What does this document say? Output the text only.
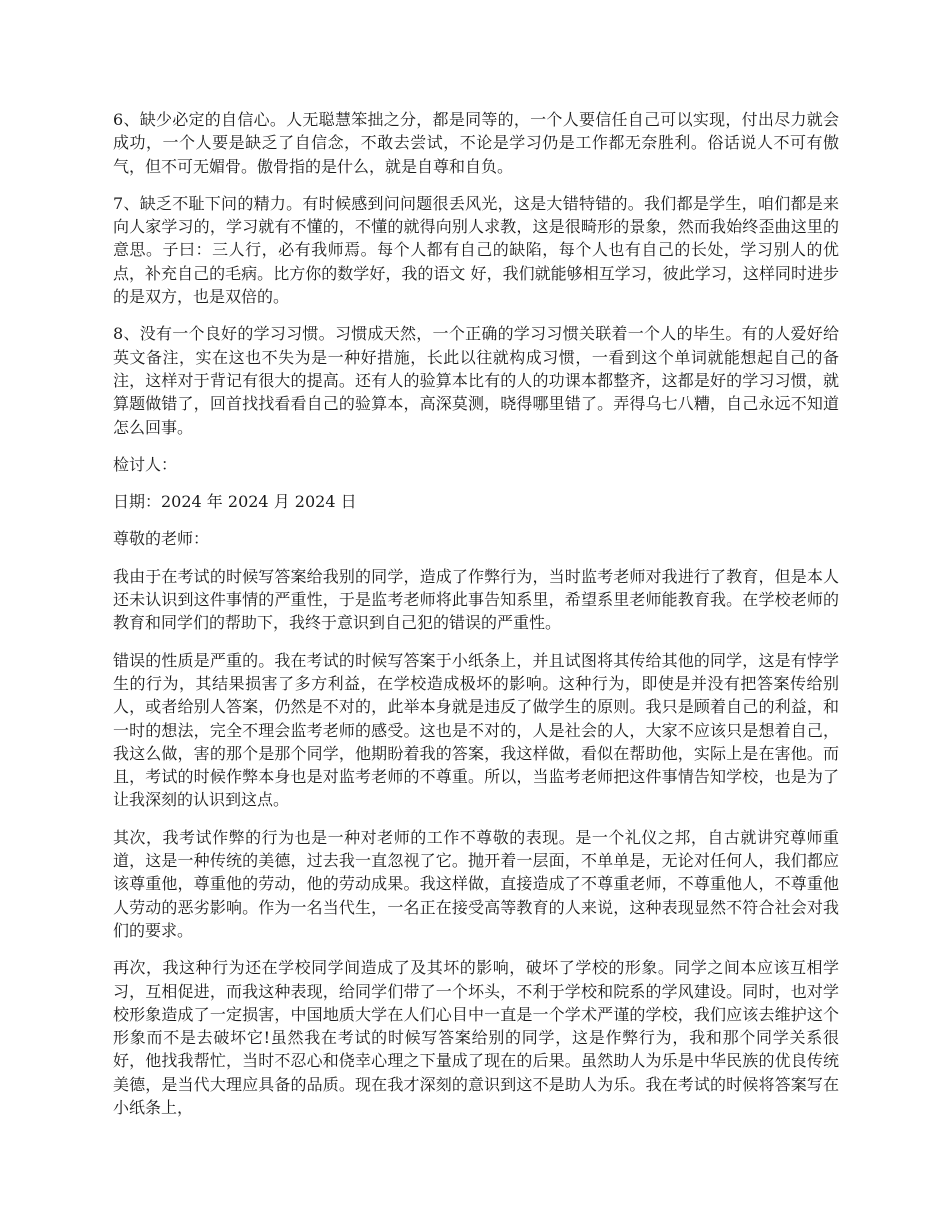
6、缺少必定的自信心。人无聪慧笨拙之分，都是同等的，一个人要信任自己可以实现，付出尽力就会成功，一个人要是缺乏了自信念，不敢去尝试，不论是学习仍是工作都无奈胜利。俗话说人不可有傲气，但不可无媚骨。傲骨指的是什么，就是自尊和自负。

7、缺乏不耻下问的精力。有时候感到问问题很丢风光，这是大错特错的。我们都是学生，咱们都是来向人家学习的，学习就有不懂的，不懂的就得向别人求教，这是很畸形的景象，然而我始终歪曲这里的意思。子曰：三人行，必有我师焉。每个人都有自己的缺陷，每个人也有自己的长处，学习别人的优点，补充自己的毛病。比方你的数学好，我的语文 好，我们就能够相互学习，彼此学习，这样同时进步的是双方，也是双倍的。

8、没有一个良好的学习习惯。习惯成天然，一个正确的学习习惯关联着一个人的毕生。有的人爱好给英文备注，实在这也不失为是一种好措施，长此以往就构成习惯，一看到这个单词就能想起自己的备注，这样对于背记有很大的提高。还有人的验算本比有的人的功课本都整齐，这都是好的学习习惯，就算题做错了，回首找找看看自己的验算本，高深莫测，晓得哪里错了。弄得乌七八糟，自己永远不知道怎么回事。

检讨人：

日期：2024 年 2024 月 2024 日

尊敬的老师：

我由于在考试的时候写答案给我别的同学，造成了作弊行为，当时监考老师对我进行了教育，但是本人还未认识到这件事情的严重性，于是监考老师将此事告知系里，希望系里老师能教育我。在学校老师的教育和同学们的帮助下，我终于意识到自己犯的错误的严重性。

错误的性质是严重的。我在考试的时候写答案于小纸条上，并且试图将其传给其他的同学，这是有悖学生的行为，其结果损害了多方利益，在学校造成极坏的影响。这种行为，即使是并没有把答案传给别人，或者给别人答案，仍然是不对的，此举本身就是违反了做学生的原则。我只是顾着自己的利益，和一时的想法，完全不理会监考老师的感受。这也是不对的，人是社会的人，大家不应该只是想着自己，我这么做，害的那个是那个同学，他期盼着我的答案，我这样做，看似在帮助他，实际上是在害他。而且，考试的时候作弊本身也是对监考老师的不尊重。所以，当监考老师把这件事情告知学校，也是为了让我深刻的认识到这点。

其次，我考试作弊的行为也是一种对老师的工作不尊敬的表现。是一个礼仪之邦，自古就讲究尊师重道，这是一种传统的美德，过去我一直忽视了它。抛开着一层面，不单单是，无论对任何人，我们都应该尊重他，尊重他的劳动，他的劳动成果。我这样做，直接造成了不尊重老师，不尊重他人，不尊重他人劳动的恶劣影响。作为一名当代生，一名正在接受高等教育的人来说，这种表现显然不符合社会对我们的要求。

再次，我这种行为还在学校同学间造成了及其坏的影响，破坏了学校的形象。同学之间本应该互相学习，互相促进，而我这种表现，给同学们带了一个坏头，不利于学校和院系的学风建设。同时，也对学校形象造成了一定损害，中国地质大学在人们心目中一直是一个学术严谨的学校，我们应该去维护这个形象而不是去破坏它!虽然我在考试的时候写答案给别的同学，这是作弊行为，我和那个同学关系很好，他找我帮忙，当时不忍心和侥幸心理之下量成了现在的后果。虽然助人为乐是中华民族的优良传统美德，是当代大理应具备的品质。现在我才深刻的意识到这不是助人为乐。我在考试的时候将答案写在小纸条上，
